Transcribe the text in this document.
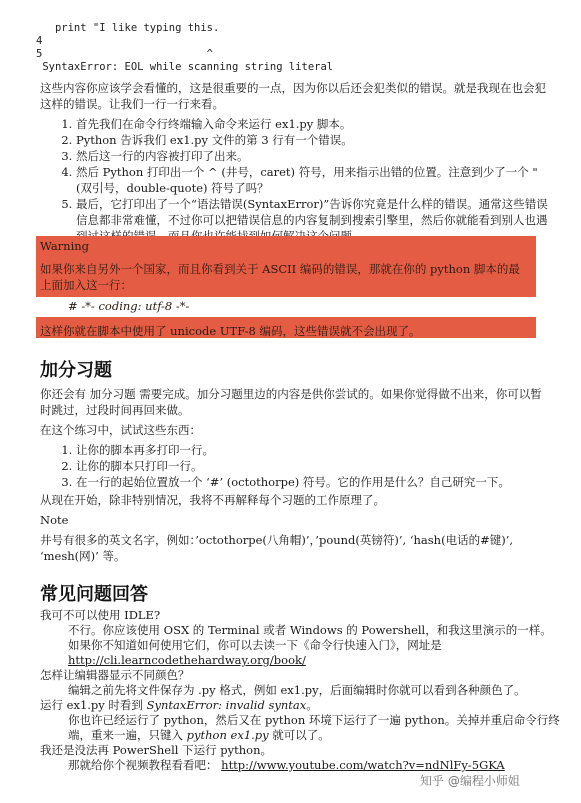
print "I like typing this.
4
5                          ^
SyntaxError: EOL while scanning string literal
这些内容你应该学会看懂的，这是很重要的一点，因为你以后还会犯类似的错误。就是我现在也会犯这样的错误。让我们一行一行来看。
1. 首先我们在命令行终端输入命令来运行 ex1.py 脚本。
2. Python 告诉我们 ex1.py 文件的第 3 行有一个错误。
3. 然后这一行的内容被打印了出来。
4. 然后 Python 打印出一个 ^ (井号，caret) 符号，用来指示出错的位置。注意到少了一个 " (双引号，double-quote) 符号了吗？
5. 最后，它打印出了一个“语法错误(SyntaxError)”告诉你究竟是什么样的错误。通常这些错误信息都非常难懂，不过你可以把错误信息的内容复制到搜索引擎里，然后你就能看到别人也遇
Warning
如果你来自另外一个国家，而且你看到关于 ASCII 编码的错误，那就在你的 python 脚本的最上面加入这一行：
# -*- coding: utf-8 -*-
这样你就在脚本中使用了 unicode UTF-8 编码，这些错误就不会出现了。
加分习题
你还会有 加分习题 需要完成。加分习题里边的内容是供你尝试的。如果你觉得做不出来，你可以暂时跳过，过段时间再回来做。
在这个练习中，试试这些东西：
1. 让你的脚本再多打印一行。
2. 让你的脚本只打印一行。
3. 在一行的起始位置放一个 ‘#’ (octothorpe) 符号。它的作用是什么？自己研究一下。
从现在开始，除非特别情况，我将不再解释每个习题的工作原理了。
Note
井号有很多的英文名字，例如：’octothorpe(八角帽)’，’pound(英镑符)’, ‘hash(电话的#键)’, ‘mesh(网)’ 等。
常见问题回答
我可不可以使用 IDLE?
不行。你应该使用 OSX 的 Terminal 或者 Windows 的 Powershell，和我这里演示的一样。如果你不知道如何使用它们，你可以去读一下《命令行快速入门》，网址是
http://cli.learncodethehardway.org/book/
怎样让编辑器显示不同颜色？
编辑之前先将文件保存为 .py 格式，例如 ex1.py，后面编辑时你就可以看到各种颜色了。
运行 ex1.py 时看到 SyntaxError: invalid syntax。
你也许已经运行了 python，然后又在 python 环境下运行了一遍 python。关掉并重启命令行终端，重来一遍，只键入 python ex1.py 就可以了。
我还是没法再 PowerShell 下运行 python。
那就给你个视频教程看看吧： http://www.youtube.com/watch?v=ndNlFy-5GKA
知乎 @编程小师姐
